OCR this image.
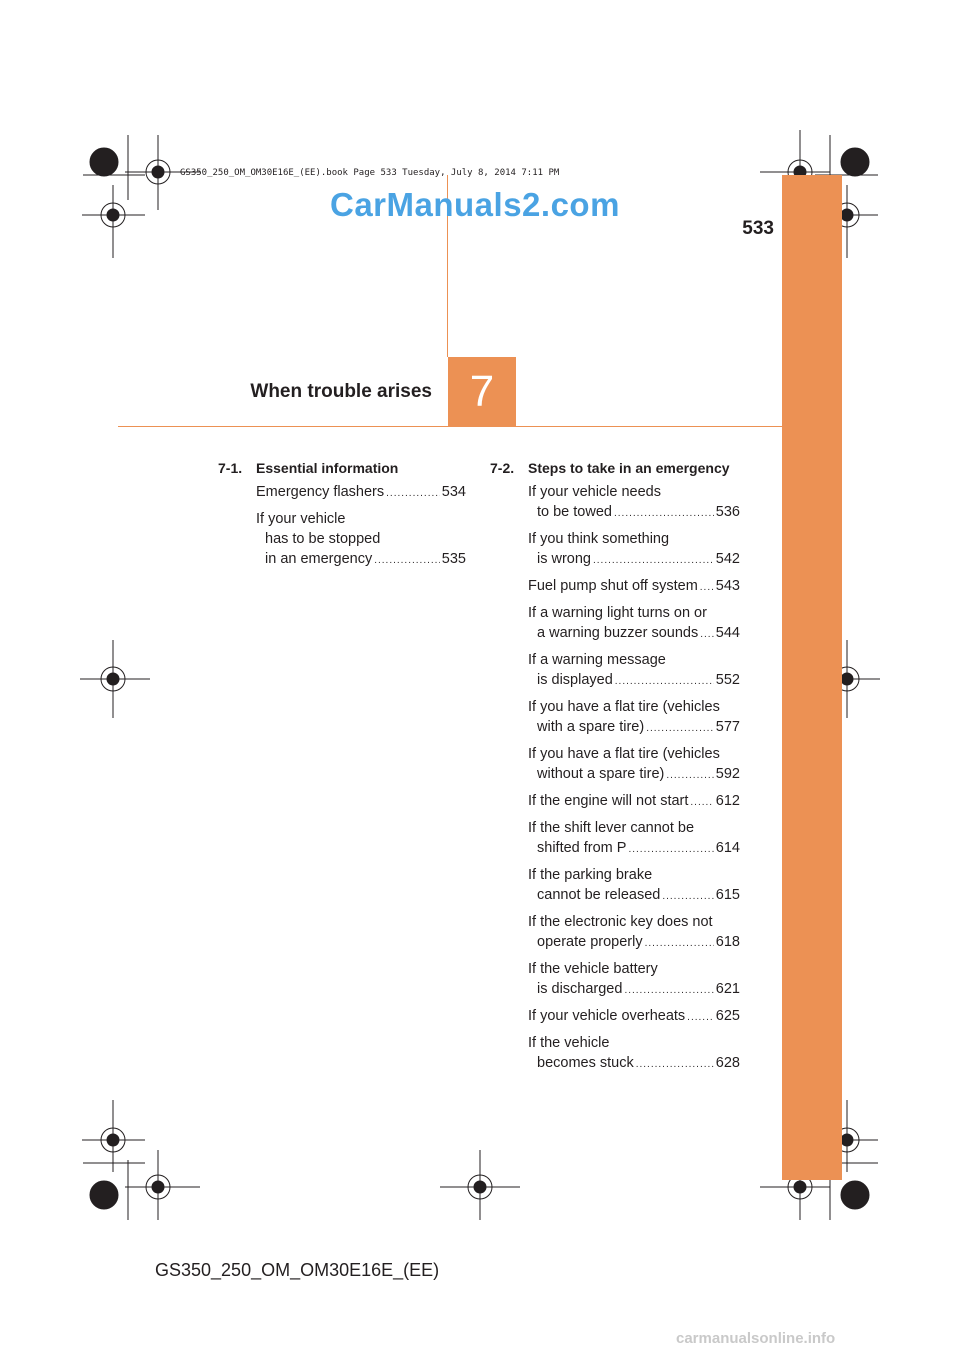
GS350_250_OM_OM30E16E_(EE).book Page 533 Tuesday, July 8, 2014 7:11 PM
CarManuals2.com
533
When trouble arises 7
7-1. Essential information
Emergency flashers .....	534
If your vehicle
has to be stopped
in an emergency .....	535
7-2. Steps to take in an emergency
If your vehicle needs
to be towed .....	536
If you think something
is wrong .....	542
Fuel pump shut off system ..... 543
If a warning light turns on or
a warning buzzer sounds ..... 544
If a warning message
is displayed .....	552
If you have a flat tire (vehicles
with a spare tire) .....	577
If you have a flat tire (vehicles
without a spare tire) .....	592
If the engine will not start ..... 612
If the shift lever cannot be
shifted from P .....	614
If the parking brake
cannot be released .....	615
If the electronic key does not
operate properly .....	618
If the vehicle battery
is discharged .....	621
If your vehicle overheats ..... 625
If the vehicle
becomes stuck .....	628
GS350_250_OM_OM30E16E_(EE)
carmanualsonline.info
